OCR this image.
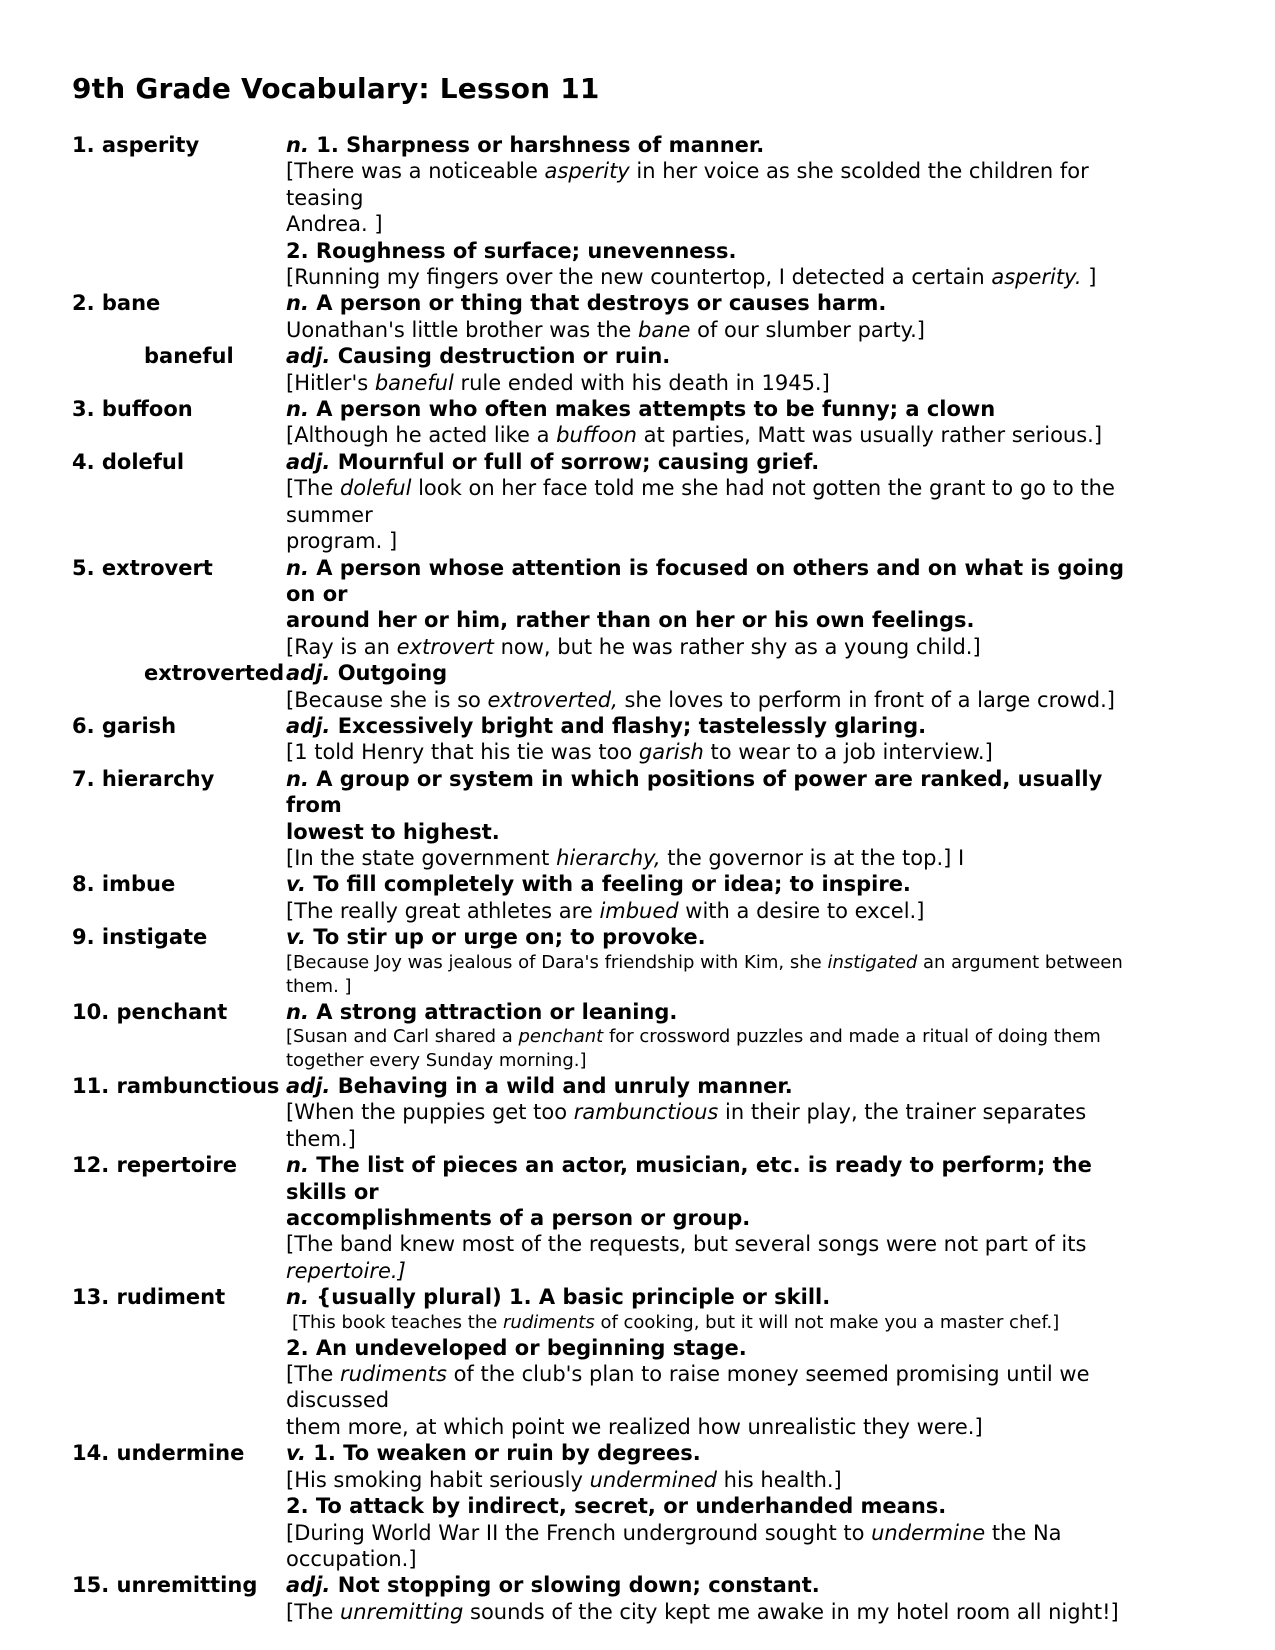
9th Grade Vocabulary: Lesson 11
1. asperity	n. 1. Sharpness or harshness of manner.
[There was a noticeable asperity in her voice as she scolded the children for teasing
Andrea. ]
2. Roughness of surface; unevenness.
[Running my fingers over the new countertop, I detected a certain asperity. ]
2. bane	n. A person or thing that destroys or causes harm.
Uonathan's little brother was the bane of our slumber party.]
baneful	adj. Causing destruction or ruin.
[Hitler's baneful rule ended with his death in 1945.]
3. buffoon	n. A person who often makes attempts to be funny; a clown
[Although he acted like a buffoon at parties, Matt was usually rather serious.]
4. doleful	adj. Mournful or full of sorrow; causing grief.
[The doleful look on her face told me she had not gotten the grant to go to the summer
program. ]
5. extrovert	n. A person whose attention is focused on others and on what is going on or
around her or him, rather than on her or his own feelings.
[Ray is an extrovert now, but he was rather shy as a young child.]
extroverted adj. Outgoing
[Because she is so extroverted, she loves to perform in front of a large crowd.]
6. garish	adj. Excessively bright and flashy; tastelessly glaring.
[1 told Henry that his tie was too garish to wear to a job interview.]
7. hierarchy	n. A group or system in which positions of power are ranked, usually from
lowest to highest.
[In the state government hierarchy, the governor is at the top.] I
8. imbue	v. To fill completely with a feeling or idea; to inspire.
[The really great athletes are imbued with a desire to excel.]
9. instigate	v. To stir up or urge on; to provoke.
[Because Joy was jealous of Dara's friendship with Kim, she instigated an argument between
them. ]
10. penchant	n. A strong attraction or leaning.
[Susan and Carl shared a penchant for crossword puzzles and made a ritual of doing them
together every Sunday morning.]
11. rambunctious adj. Behaving in a wild and unruly manner.
[When the puppies get too rambunctious in their play, the trainer separates them.]
12. repertoire	n. The list of pieces an actor, musician, etc. is ready to perform; the skills or
accomplishments of a person or group.
[The band knew most of the requests, but several songs were not part of its repertoire.]
13. rudiment	n. {usually plural) 1. A basic principle or skill.
[This book teaches the rudiments of cooking, but it will not make you a master chef.]
2. An undeveloped or beginning stage.
[The rudiments of the club's plan to raise money seemed promising until we discussed
them more, at which point we realized how unrealistic they were.]
14. undermine	v. 1. To weaken or ruin by degrees.
[His smoking habit seriously undermined his health.]
2. To attack by indirect, secret, or underhanded means.
[During World War II the French underground sought to undermine the Na occupation.]
15. unremitting	adj. Not stopping or slowing down; constant.
[The unremitting sounds of the city kept me awake in my hotel room all night!]
